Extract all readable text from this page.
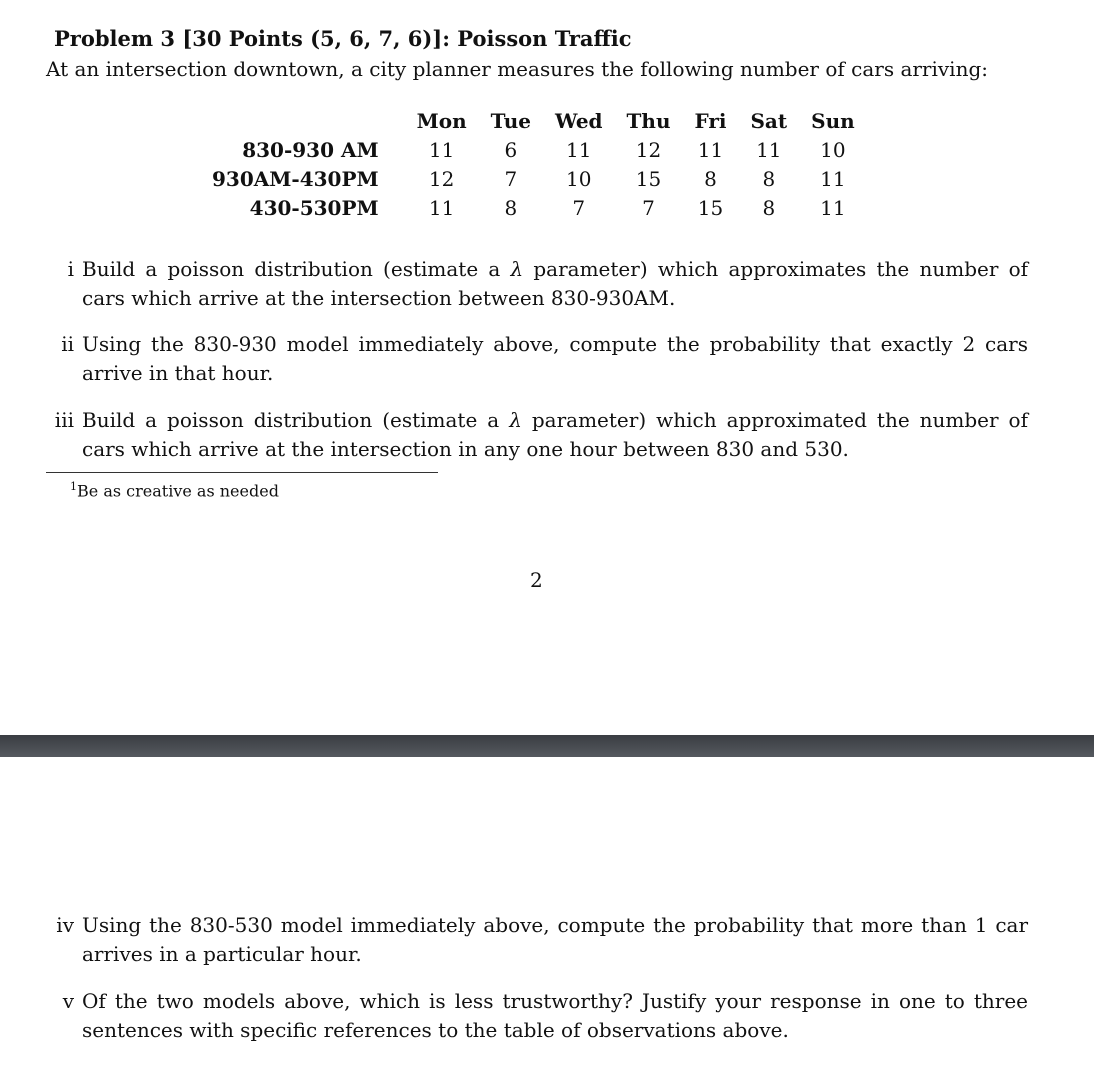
Problem 3 [30 Points (5, 6, 7, 6)]: Poisson Traffic
At an intersection downtown, a city planner measures the following number of cars arriving:
	Mon	Tue	Wed	Thu	Fri	Sat	Sun
830-930 AM	11	6	11	12	11	11	10
930AM-430PM	12	7	10	15	8	8	11
430-530PM	11	8	7	7	15	8	11
i Build a poisson distribution (estimate a λ parameter) which approximates the number of cars which arrive at the intersection between 830-930AM.
ii Using the 830-930 model immediately above, compute the probability that exactly 2 cars arrive in that hour.
iii Build a poisson distribution (estimate a λ parameter) which approximated the number of cars which arrive at the intersection in any one hour between 830 and 530.
$^1$Be as creative as needed
2
iv Using the 830-530 model immediately above, compute the probability that more than 1 car arrives in a particular hour.
v Of the two models above, which is less trustworthy? Justify your response in one to three sentences with specific references to the table of observations above.
